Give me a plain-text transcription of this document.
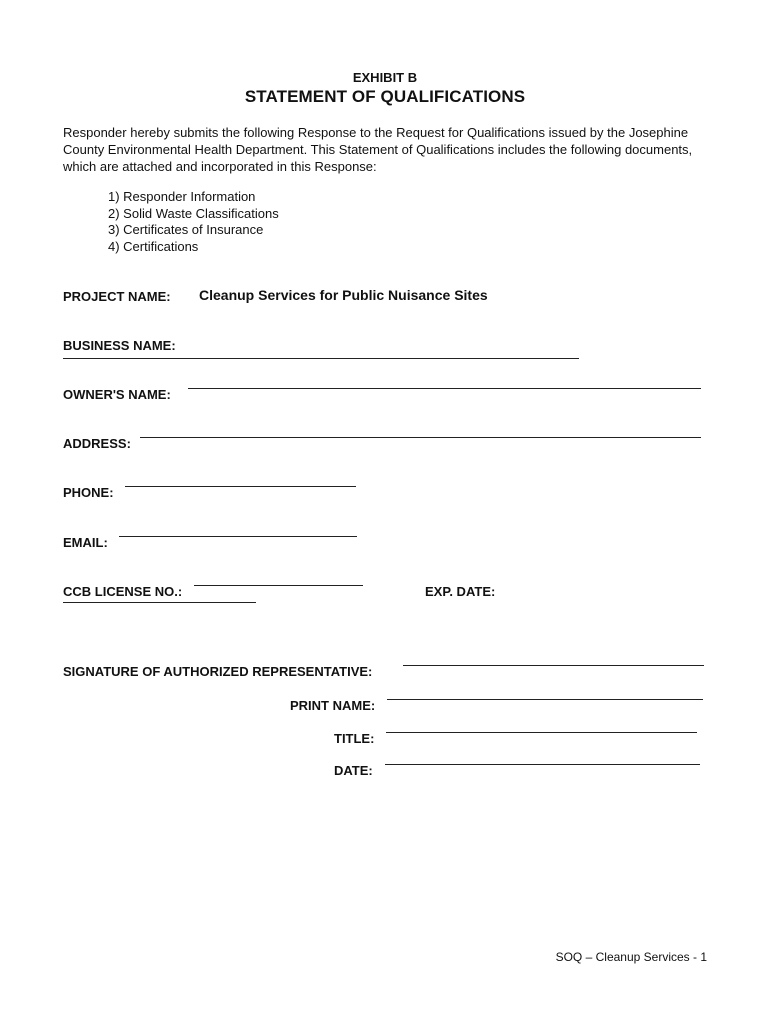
EXHIBIT B
STATEMENT OF QUALIFICATIONS
Responder hereby submits the following Response to the Request for Qualifications issued by the Josephine County Environmental Health Department. This Statement of Qualifications includes the following documents, which are attached and incorporated in this Response:
1) Responder Information
2) Solid Waste Classifications
3) Certificates of Insurance
4) Certifications
PROJECT NAME: Cleanup Services for Public Nuisance Sites
BUSINESS NAME:
OWNER'S NAME:
ADDRESS:
PHONE:
EMAIL:
CCB LICENSE NO.:	EXP. DATE:
SIGNATURE OF AUTHORIZED REPRESENTATIVE:
PRINT NAME:
TITLE:
DATE:
SOQ – Cleanup Services - 1
